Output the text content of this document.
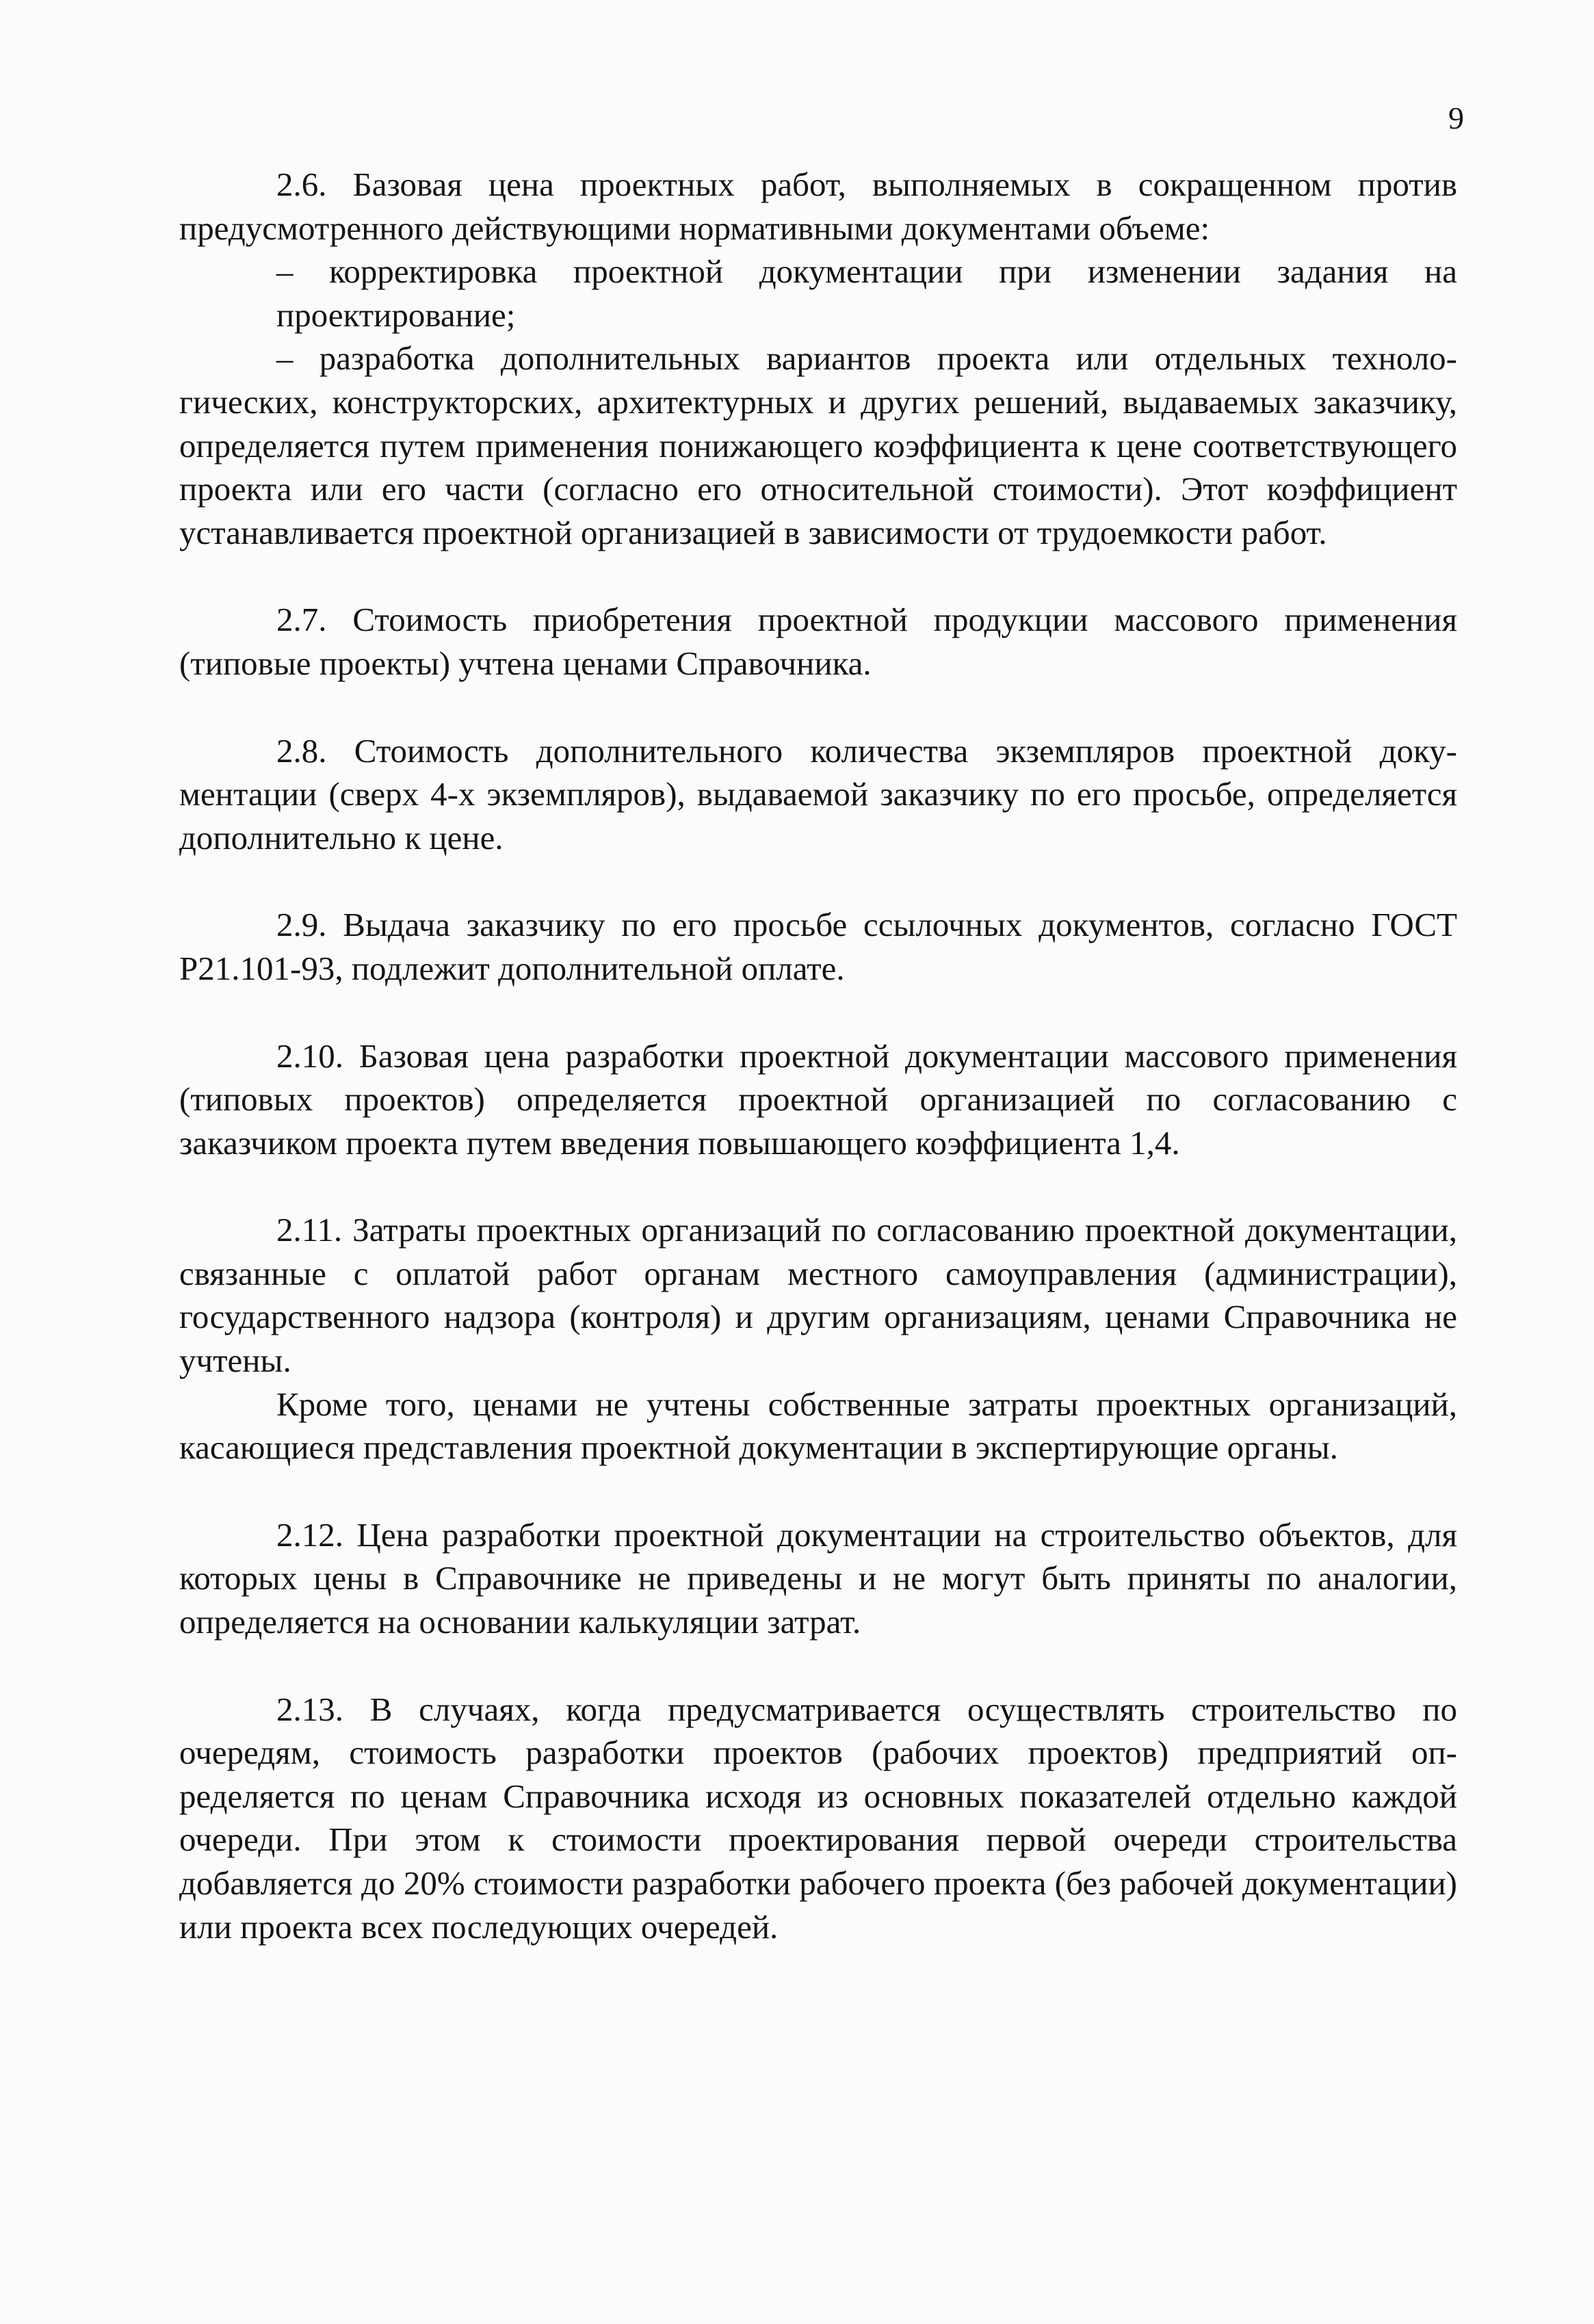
9

2.6. Базовая цена проектных работ, выполняемых в сокращенном против предусмотренного действующими нормативными документами объеме:

– корректировка проектной документации при изменении задания на проектирование;

– разработка дополнительных вариантов проекта или отдельных технологических, конструкторских, архитектурных и других решений, выдаваемых заказчику, определяется путем применения понижающего коэффициента к цене соответствующего проекта или его части (согласно его относительной стоимости). Этот коэффициент устанавливается проектной организацией в зависимости от трудоемкости работ.

2.7. Стоимость приобретения проектной продукции массового применения (типовые проекты) учтена ценами Справочника.

2.8. Стоимость дополнительного количества экземпляров проектной документации (сверх 4-х экземпляров), выдаваемой заказчику по его просьбе, определяется дополнительно к цене.

2.9. Выдача заказчику по его просьбе ссылочных документов, согласно ГОСТ Р21.101-93, подлежит дополнительной оплате.

2.10. Базовая цена разработки проектной документации массового применения (типовых проектов) определяется проектной организацией по согласованию с заказчиком проекта путем введения повышающего коэффициента 1,4.

2.11. Затраты проектных организаций по согласованию проектной документации, связанные с оплатой работ органам местного самоуправления (администрации), государственного надзора (контроля) и другим организациям, ценами Справочника не учтены.

Кроме того, ценами не учтены собственные затраты проектных организаций, касающиеся представления проектной документации в экспертирующие органы.

2.12. Цена разработки проектной документации на строительство объектов, для которых цены в Справочнике не приведены и не могут быть приняты по аналогии, определяется на основании калькуляции затрат.

2.13. В случаях, когда предусматривается осуществлять строительство по очередям, стоимость разработки проектов (рабочих проектов) предприятий определяется по ценам Справочника исходя из основных показателей отдельно каждой очереди. При этом к стоимости проектирования первой очереди строительства добавляется до 20% стоимости разработки рабочего проекта (без рабочей документации) или проекта всех последующих очередей.
